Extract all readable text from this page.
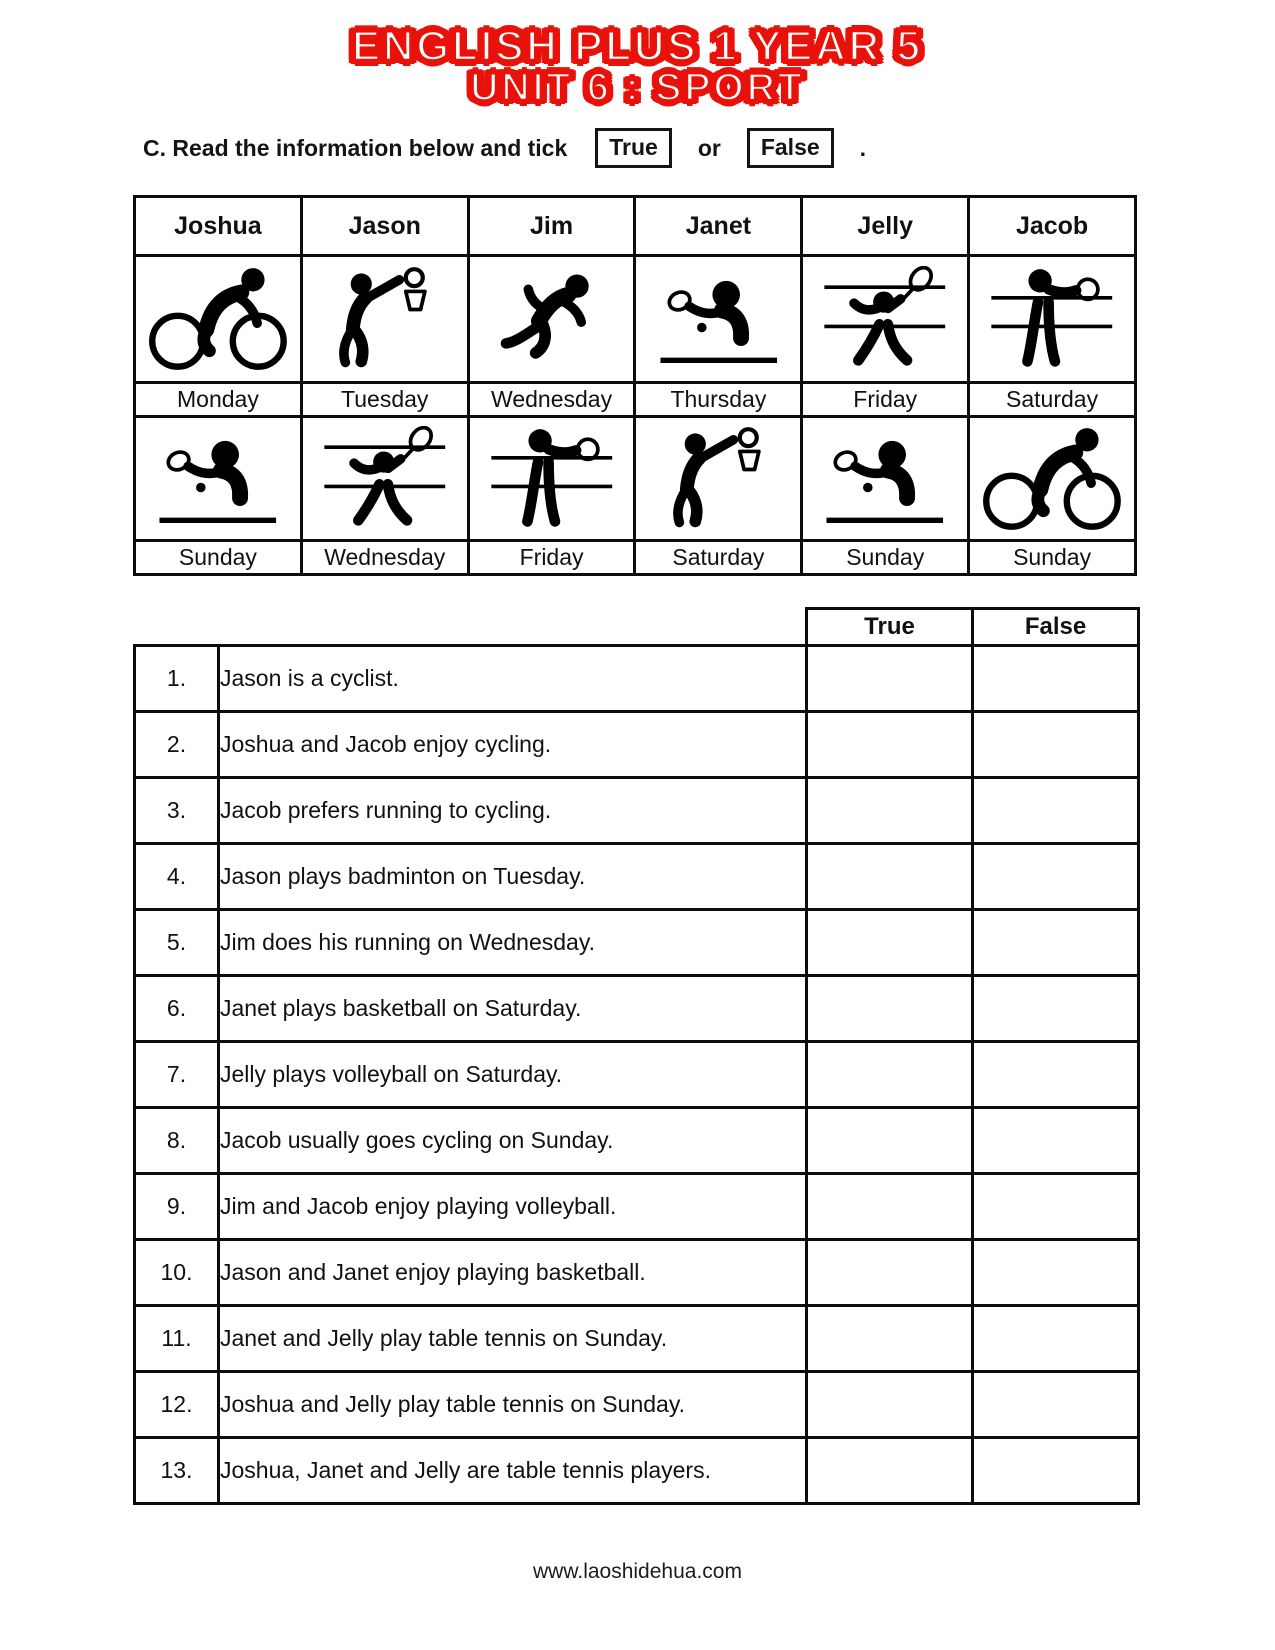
ENGLISH PLUS 1 YEAR 5
UNIT 6 : SPORT
C. Read the information below and tick	True	or	False	.
Joshua	Jason	Jim	Janet	Jelly	Jacob

Monday	Tuesday	Wednesday	Thursday	Friday	Saturday

Sunday	Wednesday	Friday	Saturday	Sunday	Sunday
		True	False
1.	Jason is a cyclist.		
2.	Joshua and Jacob enjoy cycling.		
3.	Jacob prefers running to cycling.		
4.	Jason plays badminton on Tuesday.		
5.	Jim does his running on Wednesday.		
6.	Janet plays basketball on Saturday.		
7.	Jelly plays volleyball on Saturday.		
8.	Jacob usually goes cycling on Sunday.		
9.	Jim and Jacob enjoy playing volleyball.		
10.	Jason and Janet enjoy playing basketball.		
11.	Janet and Jelly play table tennis on Sunday.		
12.	Joshua and Jelly play table tennis on Sunday.		
13.	Joshua, Janet and Jelly are table tennis players.		
www.laoshidehua.com
